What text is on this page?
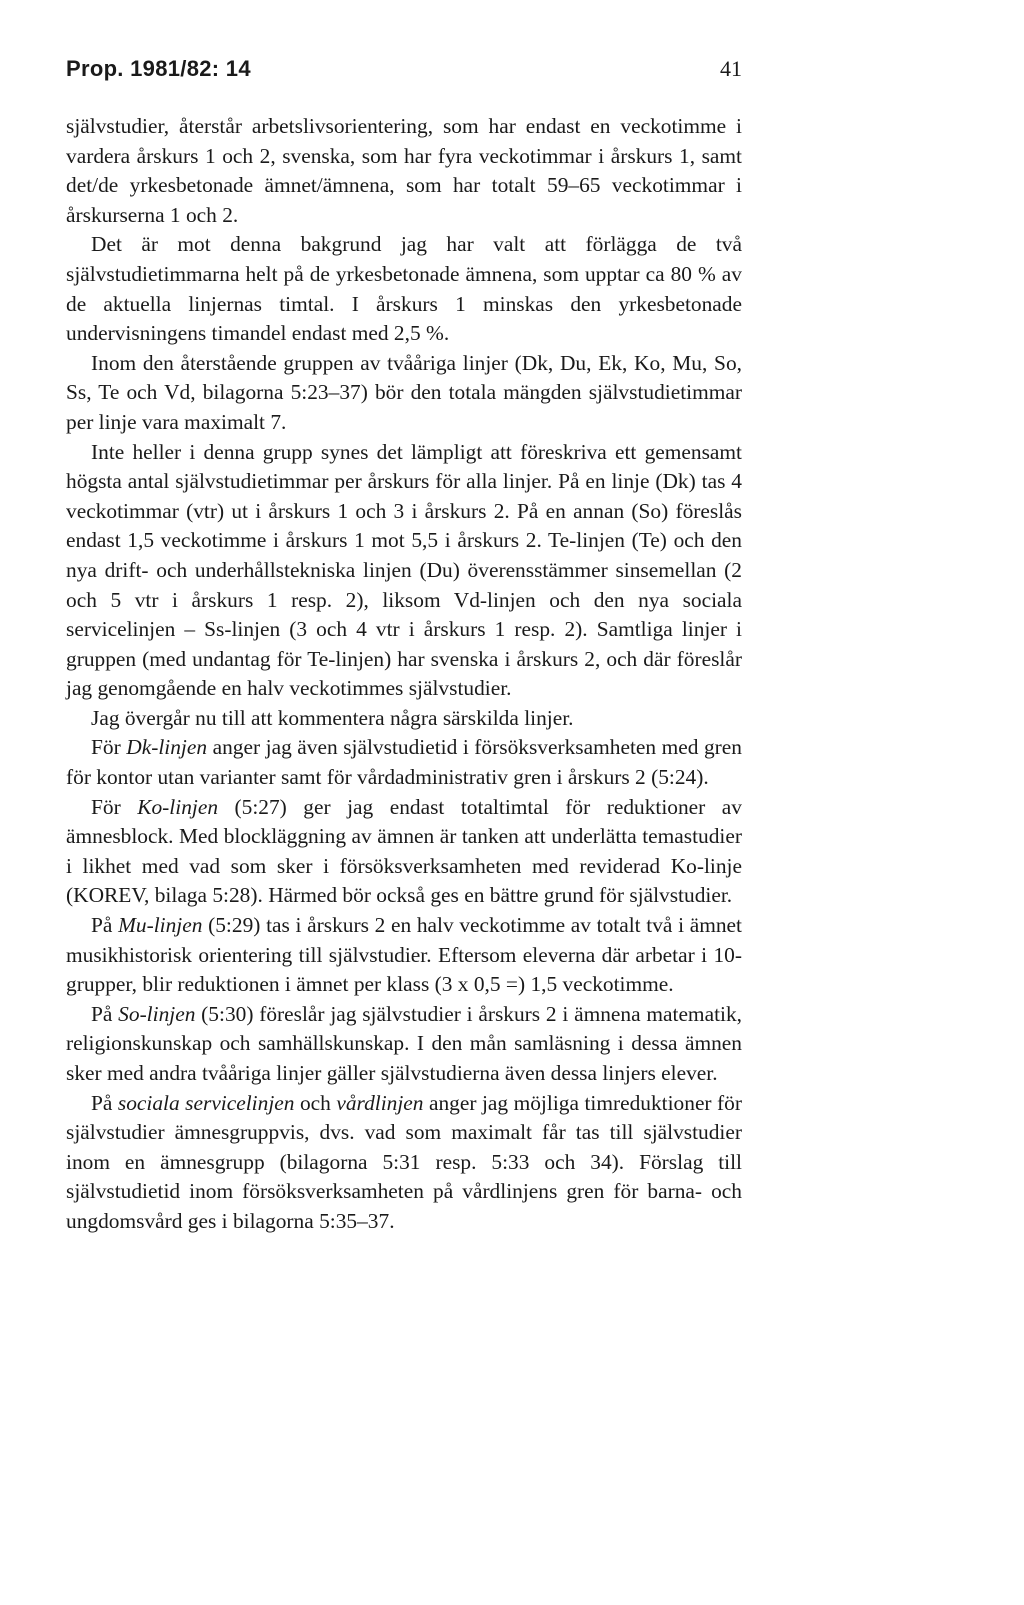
Prop. 1981/82: 14	41

självstudier, återstår arbetslivsorientering, som har endast en veckotimme i vardera årskurs 1 och 2, svenska, som har fyra veckotimmar i årskurs 1, samt det/de yrkesbetonade ämnet/ämnena, som har totalt 59–65 veckotimmar i årskurserna 1 och 2.

Det är mot denna bakgrund jag har valt att förlägga de två självstudietimmarna helt på de yrkesbetonade ämnena, som upptar ca 80 % av de aktuella linjernas timtal. I årskurs 1 minskas den yrkesbetonade undervisningens timandel endast med 2,5 %.

Inom den återstående gruppen av tvååriga linjer (Dk, Du, Ek, Ko, Mu, So, Ss, Te och Vd, bilagorna 5:23–37) bör den totala mängden självstudietimmar per linje vara maximalt 7.

Inte heller i denna grupp synes det lämpligt att föreskriva ett gemensamt högsta antal självstudietimmar per årskurs för alla linjer. På en linje (Dk) tas 4 veckotimmar (vtr) ut i årskurs 1 och 3 i årskurs 2. På en annan (So) föreslås endast 1,5 veckotimme i årskurs 1 mot 5,5 i årskurs 2. Te-linjen (Te) och den nya drift- och underhållstekniska linjen (Du) överensstämmer sinsemellan (2 och 5 vtr i årskurs 1 resp. 2), liksom Vd-linjen och den nya sociala servicelinjen – Ss-linjen (3 och 4 vtr i årskurs 1 resp. 2). Samtliga linjer i gruppen (med undantag för Te-linjen) har svenska i årskurs 2, och där föreslår jag genomgående en halv veckotimmes självstudier.

Jag övergår nu till att kommentera några särskilda linjer.

För Dk-linjen anger jag även självstudietid i försöksverksamheten med gren för kontor utan varianter samt för vårdadministrativ gren i årskurs 2 (5:24).

För Ko-linjen (5:27) ger jag endast totaltimtal för reduktioner av ämnesblock. Med blockläggning av ämnen är tanken att underlätta temastudier i likhet med vad som sker i försöksverksamheten med reviderad Ko-linje (KOREV, bilaga 5:28). Härmed bör också ges en bättre grund för självstudier.

På Mu-linjen (5:29) tas i årskurs 2 en halv veckotimme av totalt två i ämnet musikhistorisk orientering till självstudier. Eftersom eleverna där arbetar i 10-grupper, blir reduktionen i ämnet per klass (3 x 0,5 =) 1,5 veckotimme.

På So-linjen (5:30) föreslår jag självstudier i årskurs 2 i ämnena matematik, religionskunskap och samhällskunskap. I den mån samläsning i dessa ämnen sker med andra tvååriga linjer gäller självstudierna även dessa linjers elever.

På sociala servicelinjen och vårdlinjen anger jag möjliga timreduktioner för självstudier ämnesgruppvis, dvs. vad som maximalt får tas till självstudier inom en ämnesgrupp (bilagorna 5:31 resp. 5:33 och 34). Förslag till självstudietid inom försöksverksamheten på vårdlinjens gren för barna- och ungdomsvård ges i bilagorna 5:35–37.
